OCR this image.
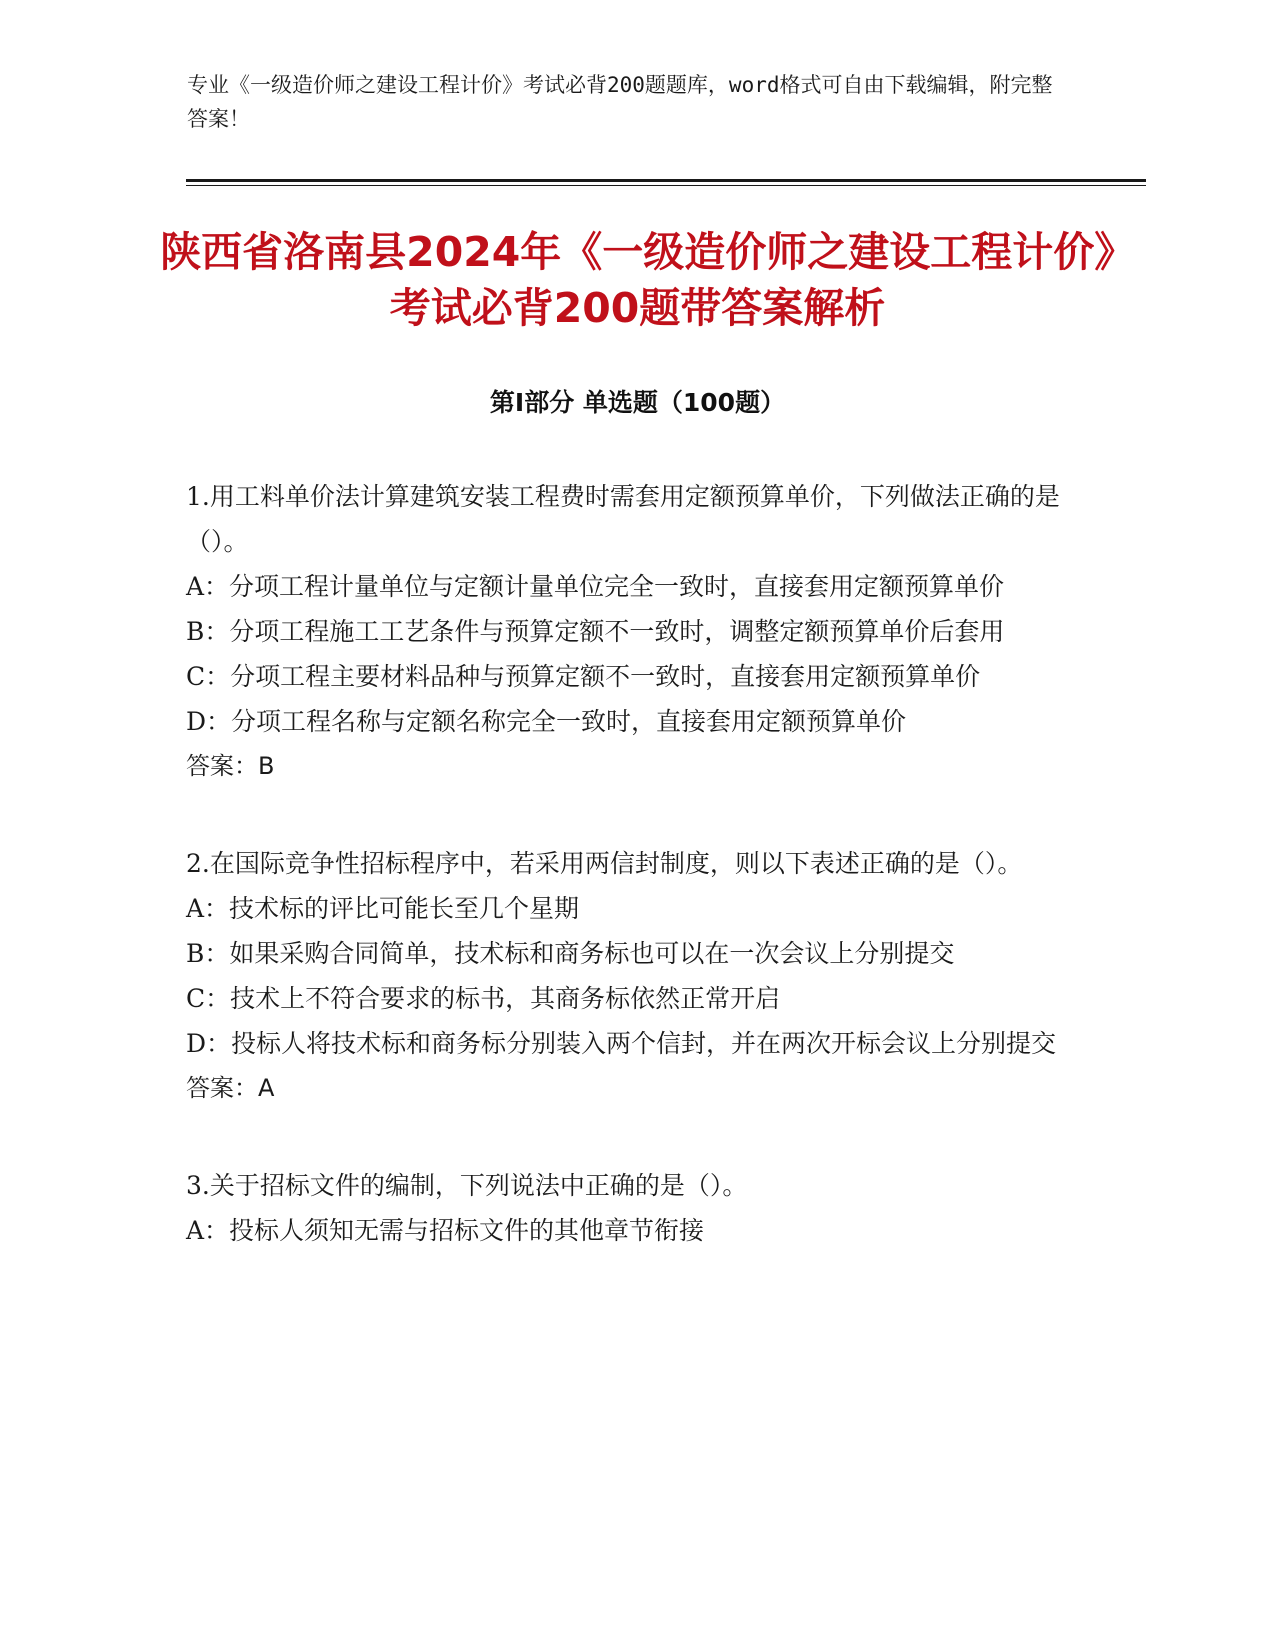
专业《一级造价师之建设工程计价》考试必背200题题库，word格式可自由下载编辑，附完整答案！
陕西省洛南县2024年《一级造价师之建设工程计价》考试必背200题带答案解析
第Ⅰ部分 单选题（100题）

1.用工料单价法计算建筑安装工程费时需套用定额预算单价，下列做法正确的是（）。

A：分项工程计量单位与定额计量单位完全一致时，直接套用定额预算单价

B：分项工程施工工艺条件与预算定额不一致时，调整定额预算单价后套用

C：分项工程主要材料品种与预算定额不一致时，直接套用定额预算单价

D：分项工程名称与定额名称完全一致时，直接套用定额预算单价

答案：B

2.在国际竞争性招标程序中，若采用两信封制度，则以下表述正确的是（）。

A：技术标的评比可能长至几个星期

B：如果采购合同简单，技术标和商务标也可以在一次会议上分别提交

C：技术上不符合要求的标书，其商务标依然正常开启

D：投标人将技术标和商务标分别装入两个信封，并在两次开标会议上分别提交

答案：A

3.关于招标文件的编制，下列说法中正确的是（）。

A：投标人须知无需与招标文件的其他章节衔接
